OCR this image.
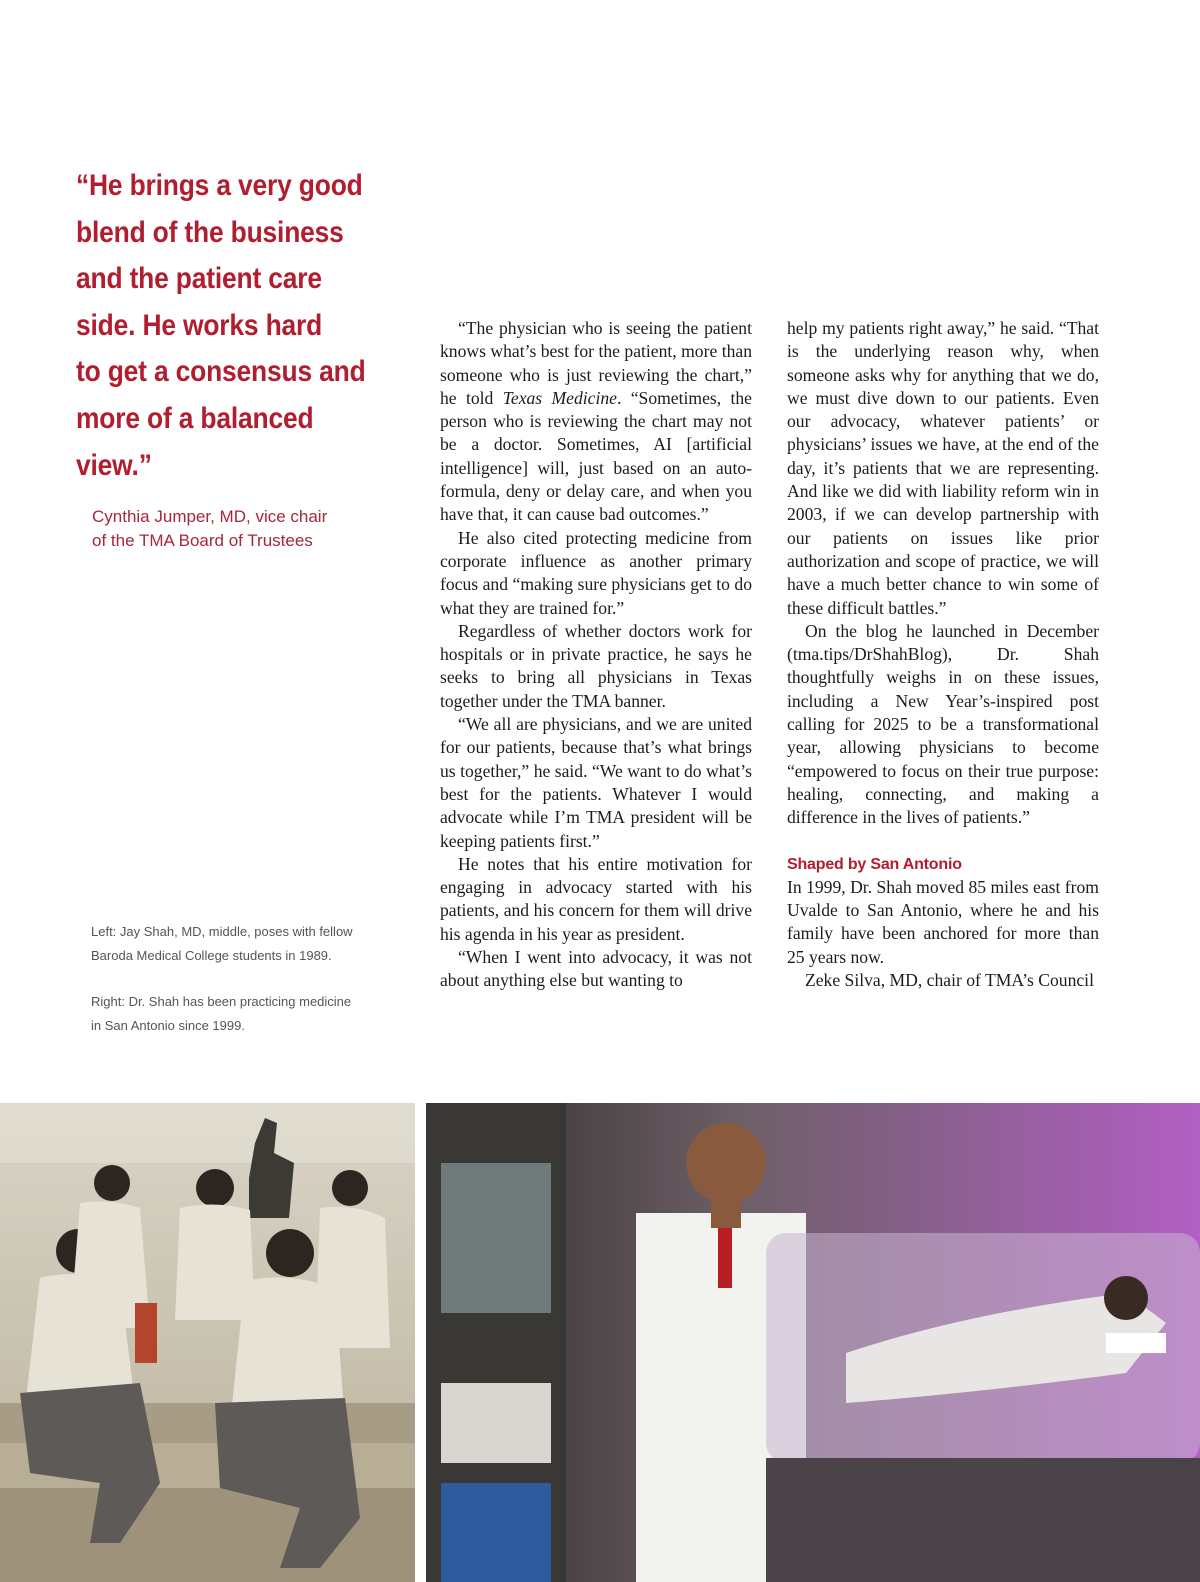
“He brings a very good

blend of the business

and the patient care

side. He works hard

to get a consensus and

more of a balanced

view.”

Cynthia Jumper, MD, vice chair

of the TMA Board of Trustees

Left: Jay Shah, MD, middle, poses with fellow

Baroda Medical College students in 1989.

Right: Dr. Shah has been practicing medicine

in San Antonio since 1999.

“The physician who is seeing the patient knows what’s best for the patient, more than someone who is just reviewing the chart,” he told Texas Medicine. “Sometimes, the person who is reviewing the chart may not be a doctor. Sometimes, AI [artificial intelligence] will, just based on an auto-formula, deny or delay care, and when you have that, it can cause bad outcomes.”

He also cited protecting medicine from corporate influence as another primary focus and “making sure physicians get to do what they are trained for.”

Regardless of whether doctors work for hospitals or in private practice, he says he seeks to bring all physicians in Texas together under the TMA banner.

“We all are physicians, and we are united for our patients, because that’s what brings us together,” he said. “We want to do what’s best for the patients. Whatever I would advocate while I’m TMA president will be keeping patients first.”

He notes that his entire motivation for engaging in advocacy started with his patients, and his concern for them will drive his agenda in his year as president.

“When I went into advocacy, it was not about anything else but wanting to

help my patients right away,” he said. “That is the underlying reason why, when someone asks why for anything that we do, we must dive down to our patients. Even our advocacy, whatever patients’ or physicians’ issues we have, at the end of the day, it’s patients that we are representing. And like we did with liability reform win in 2003, if we can develop partnership with our patients on issues like prior authorization and scope of practice, we will have a much better chance to win some of these difficult battles.”

On the blog he launched in December (tma.tips/DrShahBlog), Dr. Shah thoughtfully weighs in on these issues, including a New Year’s-inspired post calling for 2025 to be a transformational year, allowing physicians to become “empowered to focus on their true purpose: healing, connecting, and making a difference in the lives of patients.”

Shaped by San Antonio

In 1999, Dr. Shah moved 85 miles east from Uvalde to San Antonio, where he and his family have been anchored for more than 25 years now.

Zeke Silva, MD, chair of TMA’s Council
